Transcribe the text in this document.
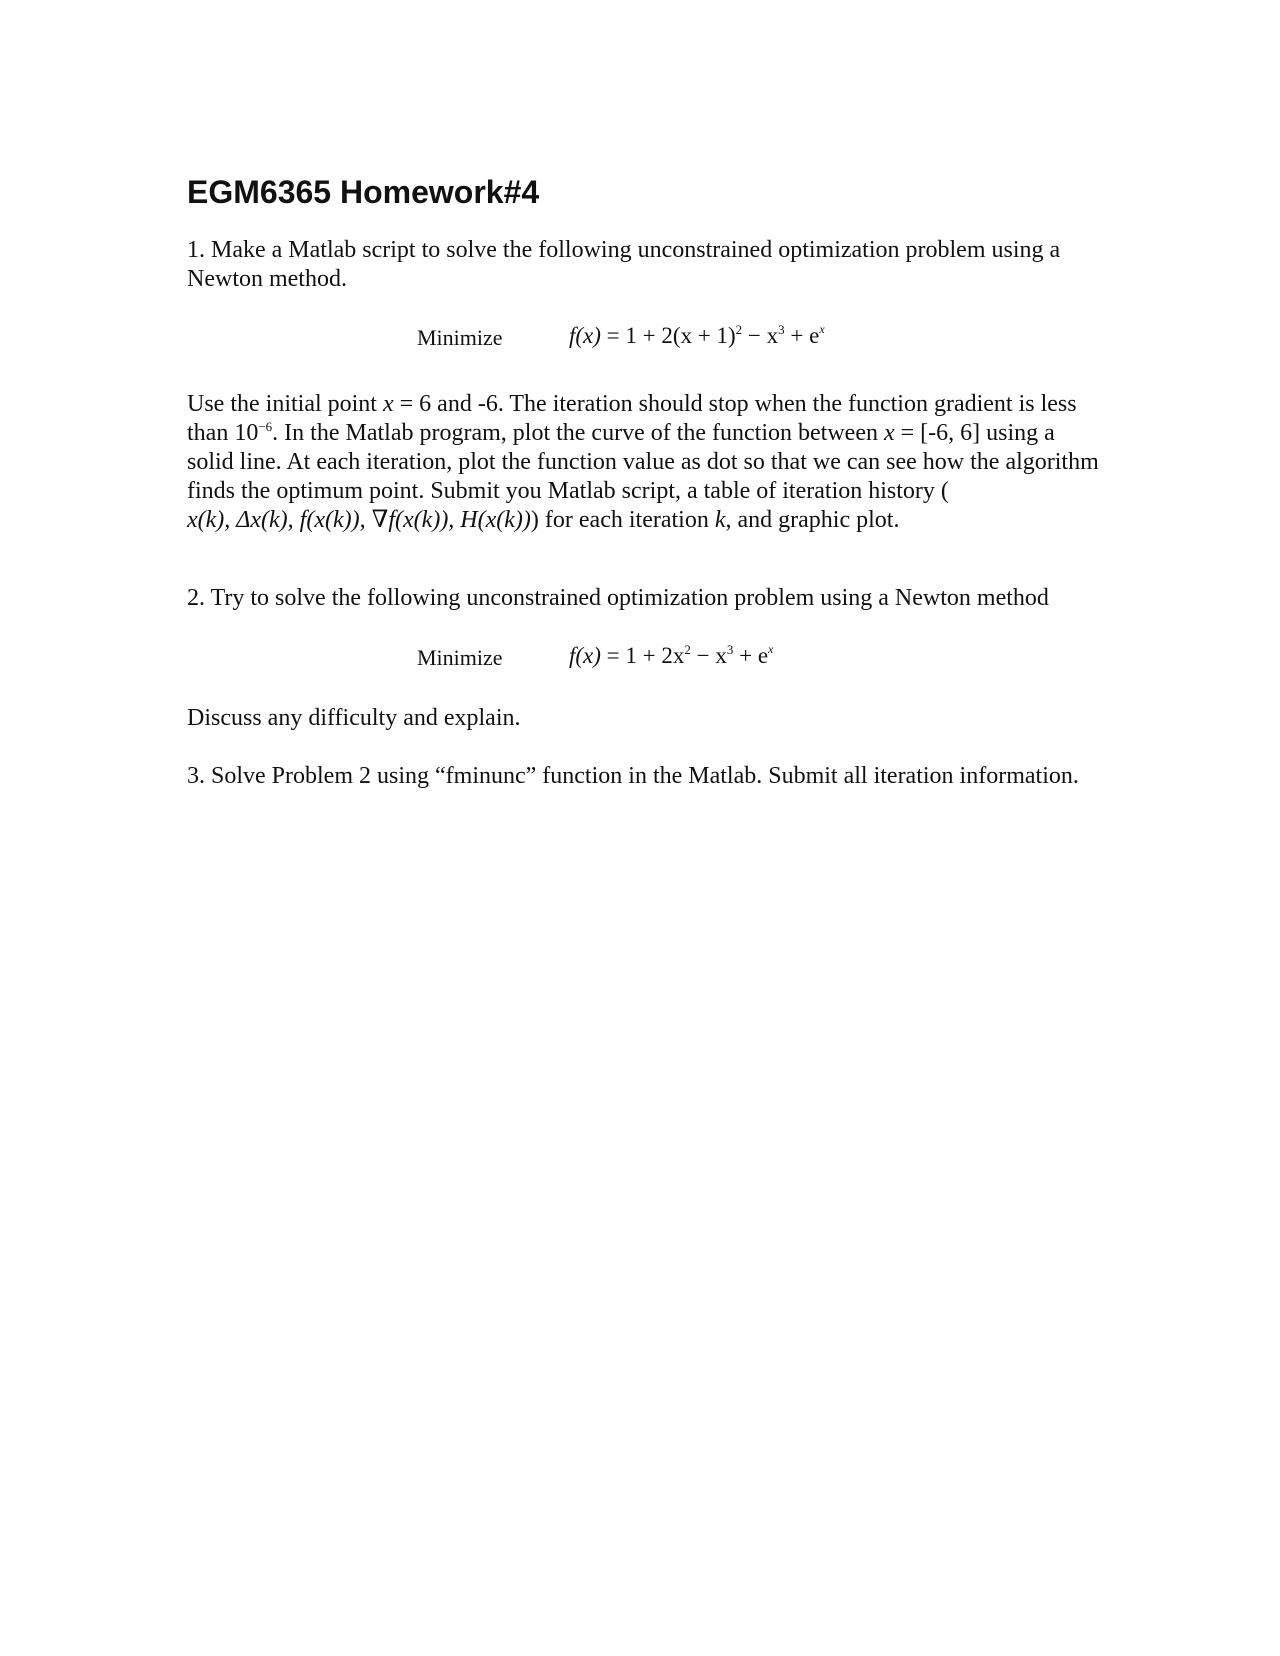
EGM6365 Homework#4

1. Make a Matlab script to solve the following unconstrained optimization problem using a Newton method.

Minimize	$f(x) = 1 + 2(x + 1)^2 - x^3 + e^x$

Use the initial point x = 6 and -6. The iteration should stop when the function gradient is less than $10^{-6}$. In the Matlab program, plot the curve of the function between x = [-6, 6] using a solid line. At each iteration, plot the function value as dot so that we can see how the algorithm finds the optimum point. Submit you Matlab script, a table of iteration history ( x(k), Δx(k), f(x(k)), ∇f(x(k)), H(x(k))) for each iteration k, and graphic plot.

2. Try to solve the following unconstrained optimization problem using a Newton method

Minimize	$f(x) = 1 + 2x^2 - x^3 + e^x$

Discuss any difficulty and explain.

3. Solve Problem 2 using “fminunc” function in the Matlab. Submit all iteration information.
